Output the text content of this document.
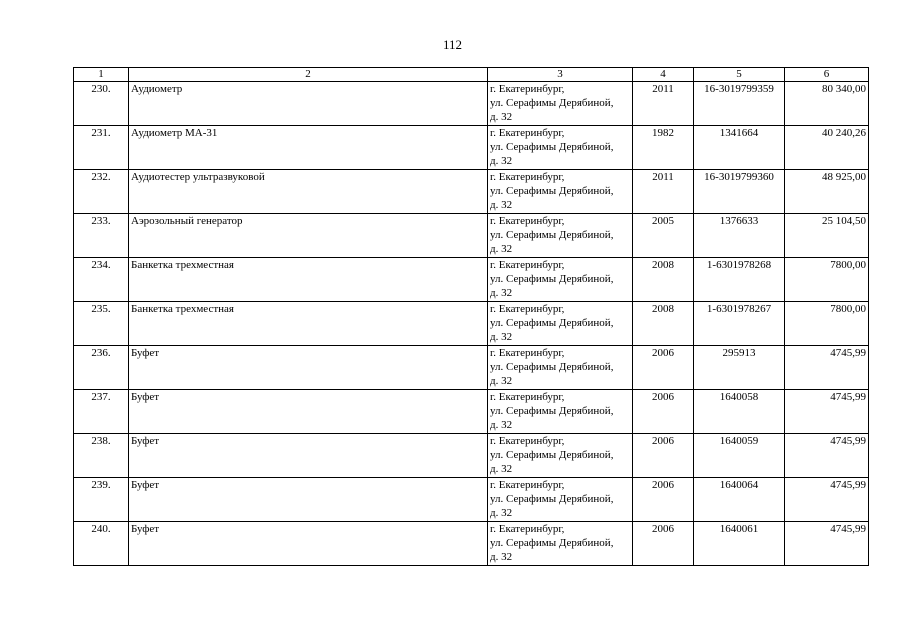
112
1	2	3	4	5	6
230.	Аудиометр	г. Екатеринбург,
ул. Серафимы Дерябиной,
д. 32	2011	16-3019799359	80 340,00
231.	Аудиометр МА-31	г. Екатеринбург,
ул. Серафимы Дерябиной,
д. 32	1982	1341664	40 240,26
232.	Аудиотестер ультразвуковой	г. Екатеринбург,
ул. Серафимы Дерябиной,
д. 32	2011	16-3019799360	48 925,00
233.	Аэрозольный генератор	г. Екатеринбург,
ул. Серафимы Дерябиной,
д. 32	2005	1376633	25 104,50
234.	Банкетка трехместная	г. Екатеринбург,
ул. Серафимы Дерябиной,
д. 32	2008	1-6301978268	7800,00
235.	Банкетка трехместная	г. Екатеринбург,
ул. Серафимы Дерябиной,
д. 32	2008	1-6301978267	7800,00
236.	Буфет	г. Екатеринбург,
ул. Серафимы Дерябиной,
д. 32	2006	295913	4745,99
237.	Буфет	г. Екатеринбург,
ул. Серафимы Дерябиной,
д. 32	2006	1640058	4745,99
238.	Буфет	г. Екатеринбург,
ул. Серафимы Дерябиной,
д. 32	2006	1640059	4745,99
239.	Буфет	г. Екатеринбург,
ул. Серафимы Дерябиной,
д. 32	2006	1640064	4745,99
240.	Буфет	г. Екатеринбург,
ул. Серафимы Дерябиной,
д. 32	2006	1640061	4745,99
